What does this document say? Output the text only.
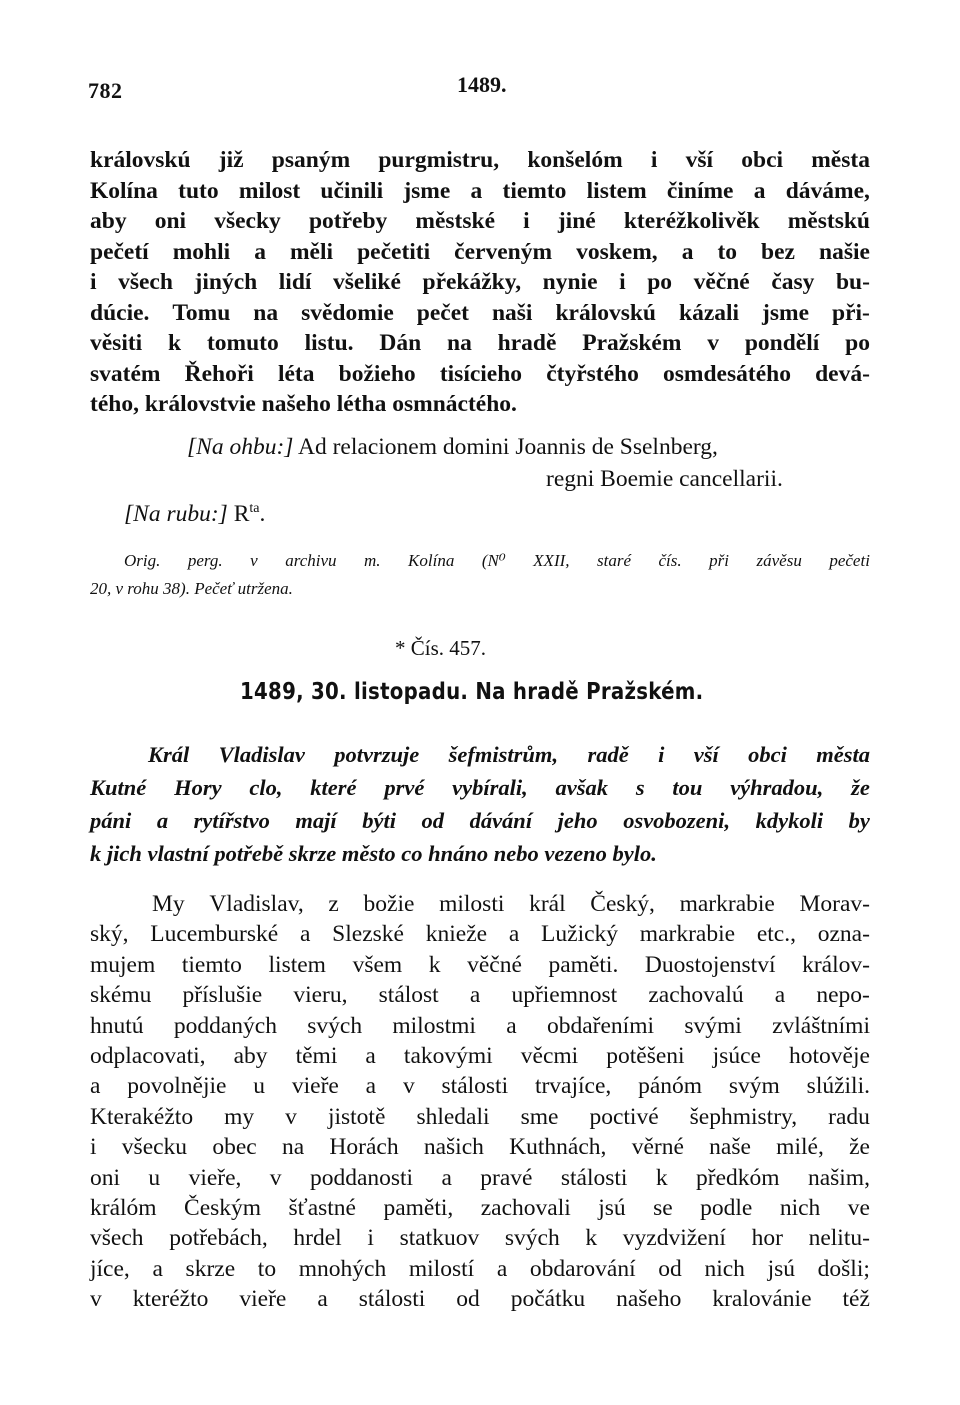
782	1489.
královskú již psaným purgmistru, konšelóm i vší obci města
Kolína tuto milost učinili jsme a tiemto listem činíme a dáváme,
aby oni všecky potřeby městské i jiné kteréžkolivěk městskú
pečetí mohli a měli pečetiti červeným voskem, a to bez našie
i všech jiných lidí všeliké překážky, nynie i po věčné časy bu-
dúcie. Tomu na svědomie pečet naši královskú kázali jsme při-
věsiti k tomuto listu. Dán na hradě Pražském v pondělí po
svatém Řehoři léta božieho tisícieho čtyřstého osmdesátého devá-
tého, královstvie našeho létha osmnáctého.
[Na ohbu:] Ad relacionem domini Joannis de Sselnberg,
regni Boemie cancellarii.
[Na rubu:] $R^{ta}$.
Orig. perg. v archivu m. Kolína (N⁰ XXII, staré čís. při závěsu pečeti
20, v rohu 38). Pečeť utržena.
* Čís. 457.
1489, 30. listopadu. Na hradě Pražském.
Král Vladislav potvrzuje šefmistrům, radě i vší obci města
Kutné Hory clo, které prvé vybírali, avšak s tou výhradou, že
páni a rytířstvo mají býti od dávání jeho osvobozeni, kdykoli by
k jich vlastní potřebě skrze město co hnáno nebo vezeno bylo.
My Vladislav, z božie milosti král Český, markrabie Morav-
ský, Lucemburské a Slezské knieže a Lužický markrabie etc., ozna-
mujem tiemto listem všem k věčné paměti. Duostojenství králov-
skému příslušie vieru, stálost a upřiemnost zachovalú a nepo-
hnutú poddaných svých milostmi a obdařeními svými zvláštními
odplacovati, aby těmi a takovými věcmi potěšeni jsúce hotověje
a povolnějie u vieře a v stálosti trvajíce, pánóm svým slúžili.
Kterakéžto my v jistotě shledali sme poctivé šephmistry, radu
i všecku obec na Horách našich Kuthnách, věrné naše milé, že
oni u vieře, v poddanosti a pravé stálosti k předkóm našim,
králóm Českým šťastné paměti, zachovali jsú se podle nich ve
všech potřebách, hrdel i statkuov svých k vyzdvižení hor nelitu-
jíce, a skrze to mnohých milostí a obdarování od nich jsú došli;
v kteréžto vieře a stálosti od počátku našeho kralovánie též
